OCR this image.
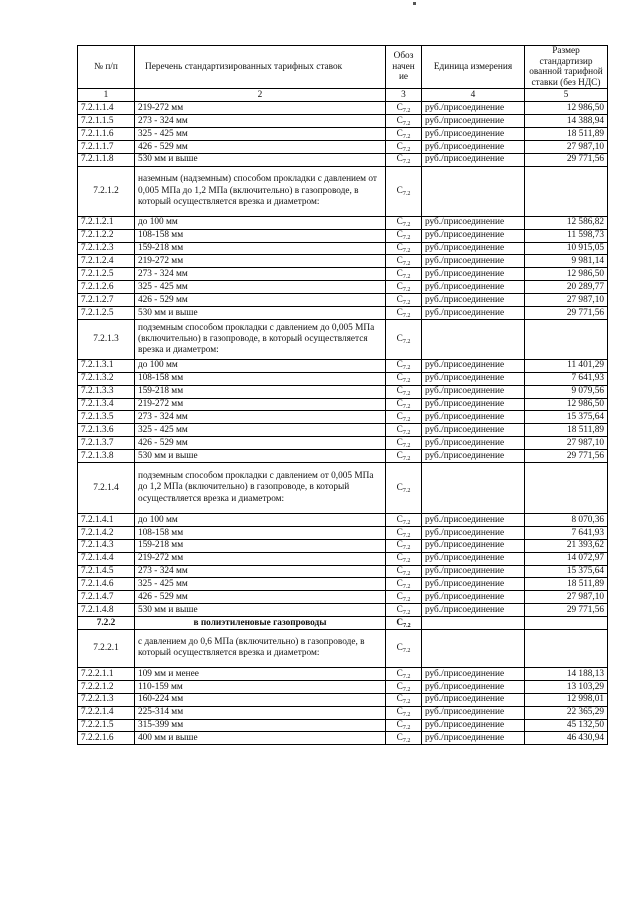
№ п/п	Перечень стандартизированных тарифных ставок	Обоз начен ие	Единица измерения	Размер стандартизир ованной тарифной ставки (без НДС)
1	2	3	4	5
7.2.1.1.4	219-272 мм	$С_{7.2}$	руб./присоединение	12 986,50
7.2.1.1.5	273 - 324 мм	$С_{7.2}$	руб./присоединение	14 388,94
7.2.1.1.6	325 - 425 мм	$С_{7.2}$	руб./присоединение	18 511,89
7.2.1.1.7	426 - 529 мм	$С_{7.2}$	руб./присоединение	27 987,10
7.2.1.1.8	530 мм и выше	$С_{7.2}$	руб./присоединение	29 771,56
7.2.1.2	наземным (надземным) способом прокладки с давлением от 0,005 МПа до 1,2 МПа (включительно) в газопроводе, в который осуществляется врезка и диаметром:	$С_{7.2}$		
7.2.1.2.1	до 100 мм	$С_{7.2}$	руб./присоединение	12 586,82
7.2.1.2.2	108-158 мм	$С_{7.2}$	руб./присоединение	11 598,73
7.2.1.2.3	159-218 мм	$С_{7.2}$	руб./присоединение	10 915,05
7.2.1.2.4	219-272 мм	$С_{7.2}$	руб./присоединение	9 981,14
7.2.1.2.5	273 - 324 мм	$С_{7.2}$	руб./присоединение	12 986,50
7.2.1.2.6	325 - 425 мм	$С_{7.2}$	руб./присоединение	20 289,77
7.2.1.2.7	426 - 529 мм	$С_{7.2}$	руб./присоединение	27 987,10
7.2.1.2.5	530 мм и выше	$С_{7.2}$	руб./присоединение	29 771,56
7.2.1.3	подземным способом прокладки с давлением до 0,005 МПа (включительно) в газопроводе, в который осуществляется врезка и диаметром:	$С_{7.2}$		
7.2.1.3.1	до 100 мм	$С_{7.2}$	руб./присоединение	11 401,29
7.2.1.3.2	108-158 мм	$С_{7.2}$	руб./присоединение	7 641,93
7.2.1.3.3	159-218 мм	$С_{7.2}$	руб./присоединение	9 079,56
7.2.1.3.4	219-272 мм	$С_{7.2}$	руб./присоединение	12 986,50
7.2.1.3.5	273 - 324 мм	$С_{7.2}$	руб./присоединение	15 375,64
7.2.1.3.6	325 - 425 мм	$С_{7.2}$	руб./присоединение	18 511,89
7.2.1.3.7	426 - 529 мм	$С_{7.2}$	руб./присоединение	27 987,10
7.2.1.3.8	530 мм и выше	$С_{7.2}$	руб./присоединение	29 771,56
7.2.1.4	подземным способом прокладки с давлением от 0,005 МПа до 1,2 МПа (включительно) в газопроводе, в который осуществляется врезка и диаметром:	$С_{7.2}$		
7.2.1.4.1	до 100 мм	$С_{7.2}$	руб./присоединение	8 070,36
7.2.1.4.2	108-158 мм	$С_{7.2}$	руб./присоединение	7 641,93
7.2.1.4.3	159-218 мм	$С_{7.2}$	руб./присоединение	21 393,62
7.2.1.4.4	219-272 мм	$С_{7.2}$	руб./присоединение	14 072,97
7.2.1.4.5	273 - 324 мм	$С_{7.2}$	руб./присоединение	15 375,64
7.2.1.4.6	325 - 425 мм	$С_{7.2}$	руб./присоединение	18 511,89
7.2.1.4.7	426 - 529 мм	$С_{7.2}$	руб./присоединение	27 987,10
7.2.1.4.8	530 мм и выше	$С_{7.2}$	руб./присоединение	29 771,56
7.2.2	в полиэтиленовые газопроводы	$С_{7.2}$		
7.2.2.1	с давлением до 0,6 МПа (включительно) в газопроводе, в который осуществляется врезка и диаметром:	$С_{7.2}$		
7.2.2.1.1	109 мм и менее	$С_{7.2}$	руб./присоединение	14 188,13
7.2.2.1.2	110-159 мм	$С_{7.2}$	руб./присоединение	13 103,29
7.2.2.1.3	160-224 мм	$С_{7.2}$	руб./присоединение	12 998,01
7.2.2.1.4	225-314 мм	$С_{7.2}$	руб./присоединение	22 365,29
7.2.2.1.5	315-399 мм	$С_{7.2}$	руб./присоединение	45 132,50
7.2.2.1.6	400 мм и выше	$С_{7.2}$	руб./присоединение	46 430,94
